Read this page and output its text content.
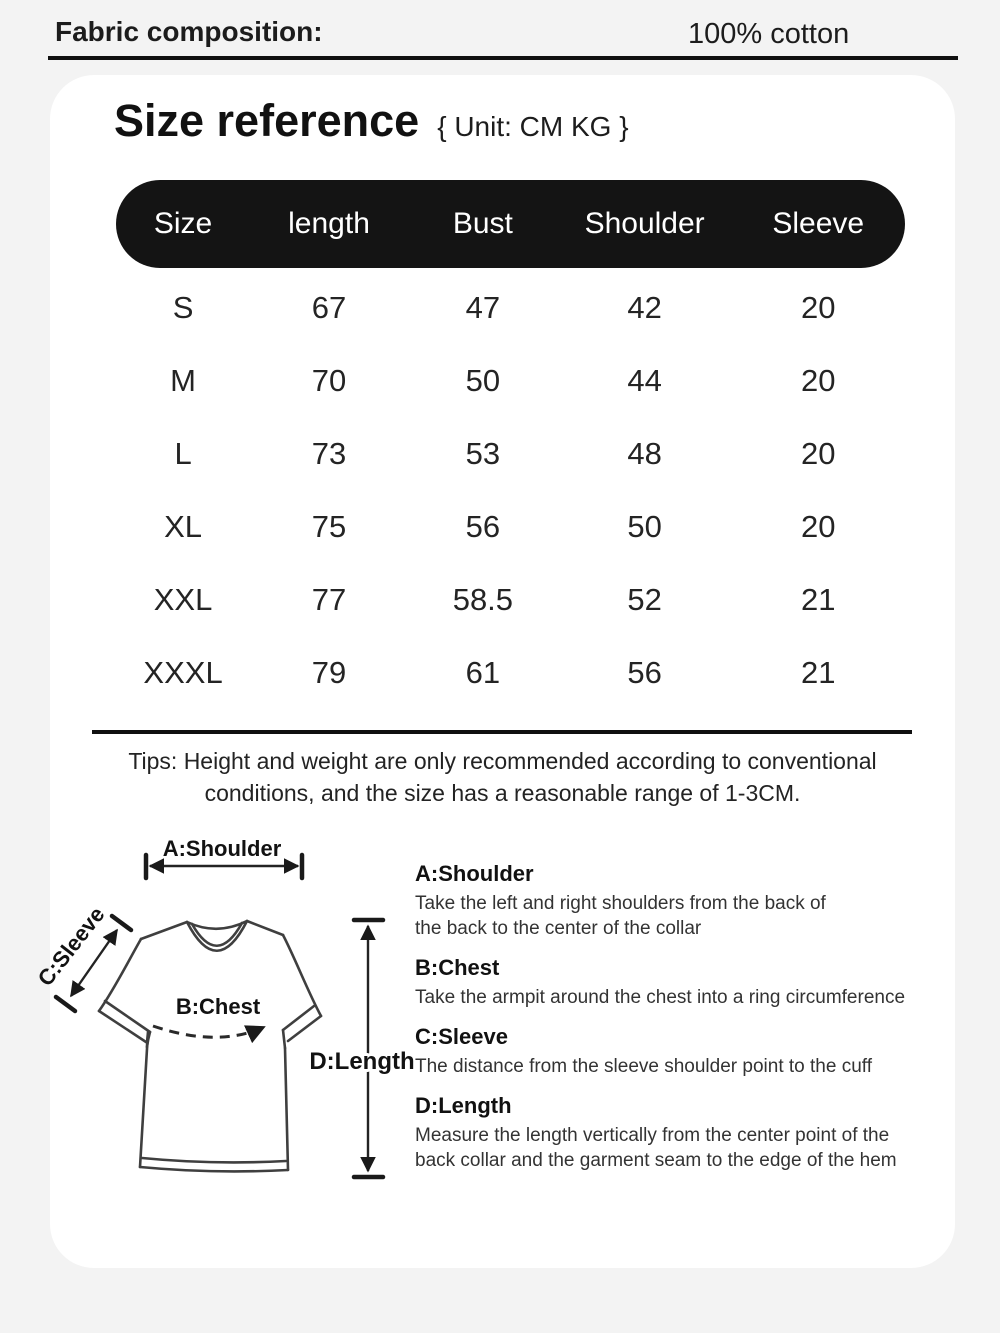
Fabric composition:	100% cotton
Size reference { Unit: CM KG }
Size	length	Bust	Shoulder	Sleeve
S	67	47	42	20
M	70	50	44	20
L	73	53	48	20
XL	75	56	50	20
XXL	77	58.5	52	21
XXXL	79	61	56	21
Tips: Height and weight are only recommended according to conventional
conditions, and the size has a reasonable range of 1-3CM.
A:Shoulder
C:Sleeve
B:Chest
D:Length
A:Shoulder
Take the left and right shoulders from the back of
the back to the center of the collar
B:Chest
Take the armpit around the chest into a ring circumference
C:Sleeve
The distance from the sleeve shoulder point to the cuff
D:Length
Measure the length vertically from the center point of the
back collar and the garment seam to the edge of the hem
